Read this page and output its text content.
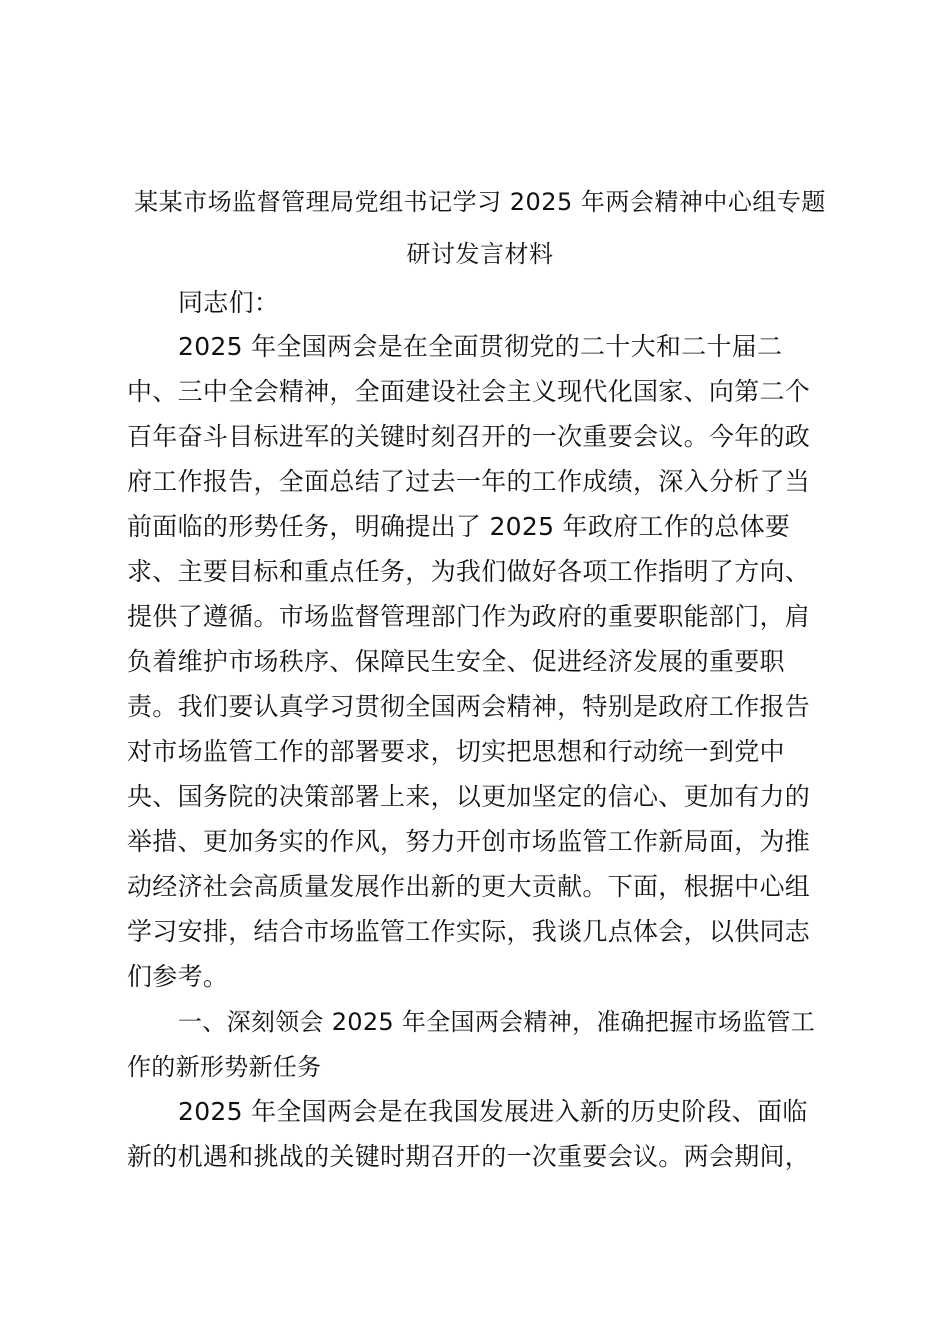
某某市场监督管理局党组书记学习 2025 年两会精神中心组专题
研讨发言材料
同志们：
2025 年全国两会是在全面贯彻党的二十大和二十届二
中、三中全会精神，全面建设社会主义现代化国家、向第二个
百年奋斗目标进军的关键时刻召开的一次重要会议。今年的政
府工作报告，全面总结了过去一年的工作成绩，深入分析了当
前面临的形势任务，明确提出了 2025 年政府工作的总体要
求、主要目标和重点任务，为我们做好各项工作指明了方向、
提供了遵循。市场监督管理部门作为政府的重要职能部门，肩
负着维护市场秩序、保障民生安全、促进经济发展的重要职
责。我们要认真学习贯彻全国两会精神，特别是政府工作报告
对市场监管工作的部署要求，切实把思想和行动统一到党中
央、国务院的决策部署上来，以更加坚定的信心、更加有力的
举措、更加务实的作风，努力开创市场监管工作新局面，为推
动经济社会高质量发展作出新的更大贡献。下面，根据中心组
学习安排，结合市场监管工作实际，我谈几点体会，以供同志
们参考。
一、深刻领会 2025 年全国两会精神，准确把握市场监管工
作的新形势新任务
2025 年全国两会是在我国发展进入新的历史阶段、面临
新的机遇和挑战的关键时期召开的一次重要会议。两会期间，
